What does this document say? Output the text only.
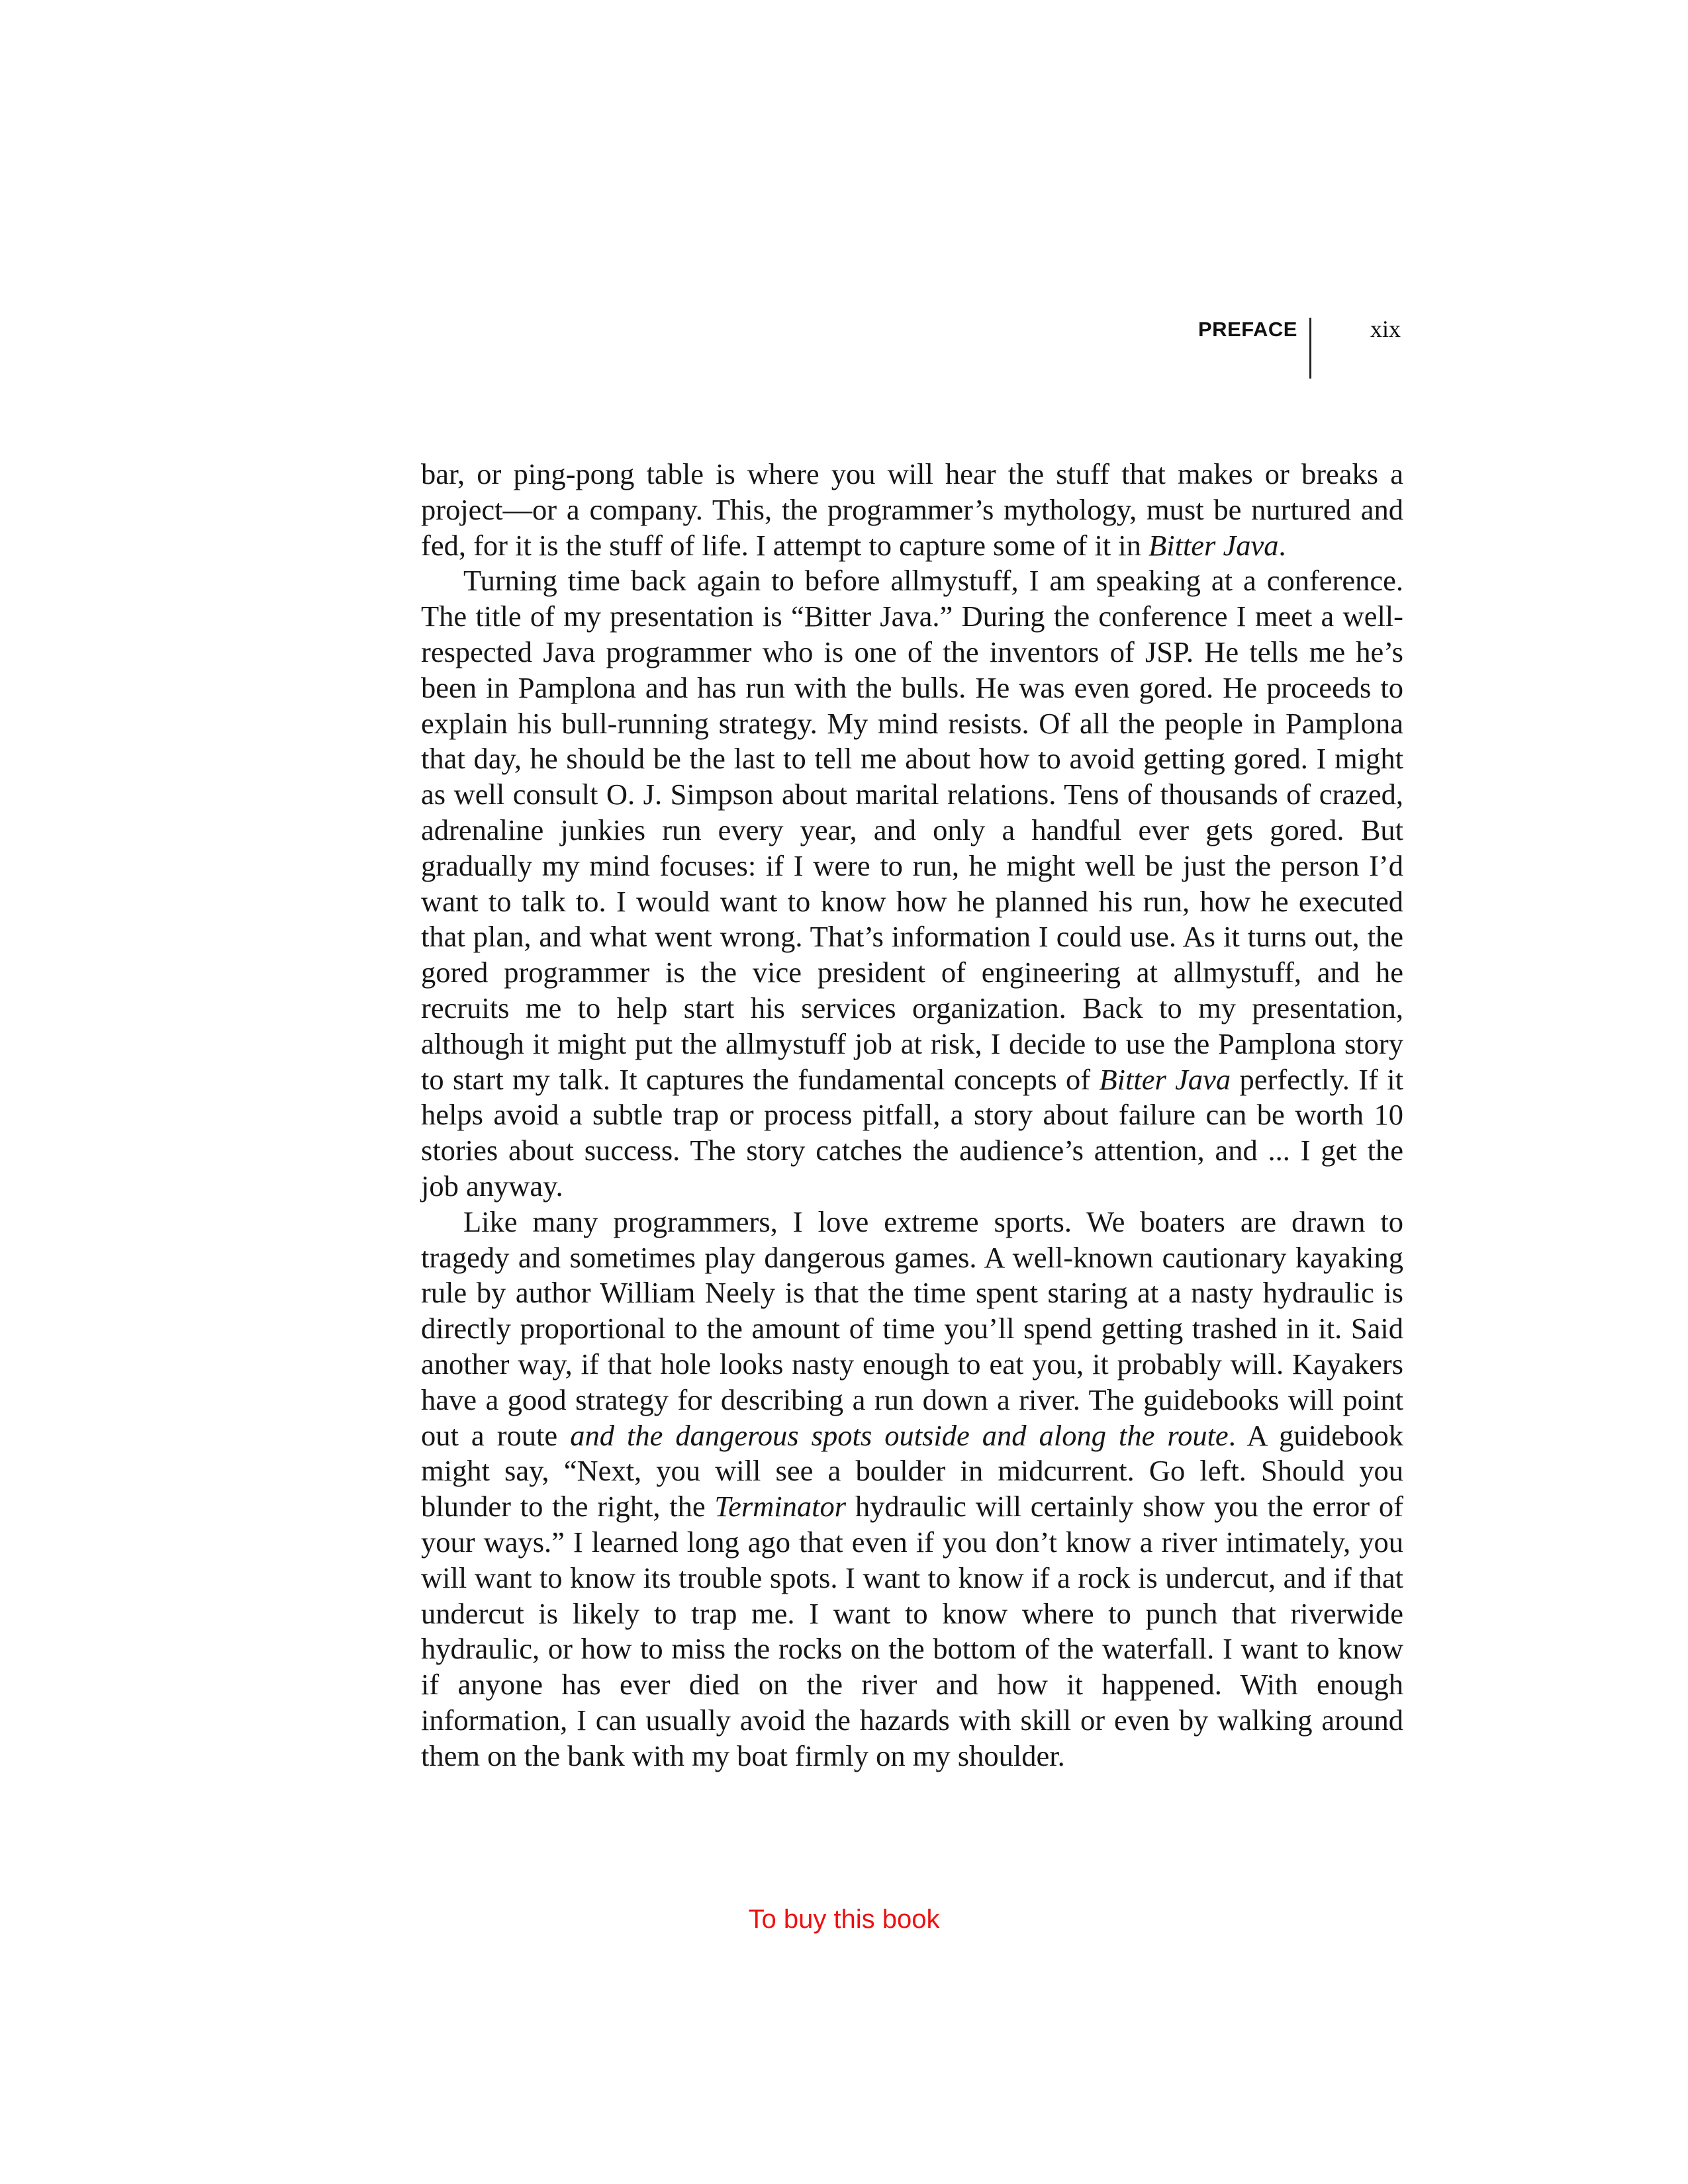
PREFACE	xix

bar, or ping-pong table is where you will hear the stuff that makes or breaks a project—or a company. This, the programmer’s mythology, must be nurtured and fed, for it is the stuff of life. I attempt to capture some of it in Bitter Java.

Turning time back again to before allmystuff, I am speaking at a conference. The title of my presentation is “Bitter Java.” During the conference I meet a well-respected Java programmer who is one of the inventors of JSP. He tells me he’s been in Pamplona and has run with the bulls. He was even gored. He proceeds to explain his bull-running strategy. My mind resists. Of all the people in Pamplona that day, he should be the last to tell me about how to avoid getting gored. I might as well consult O. J. Simpson about marital relations. Tens of thousands of crazed, adrenaline junkies run every year, and only a handful ever gets gored. But gradually my mind focuses: if I were to run, he might well be just the person I’d want to talk to. I would want to know how he planned his run, how he executed that plan, and what went wrong. That’s information I could use. As it turns out, the gored programmer is the vice president of engineering at allmystuff, and he recruits me to help start his services organization. Back to my presentation, although it might put the allmystuff job at risk, I decide to use the Pamplona story to start my talk. It captures the fundamental concepts of Bitter Java perfectly. If it helps avoid a subtle trap or process pitfall, a story about failure can be worth 10 stories about success. The story catches the audience’s attention, and ... I get the job anyway.

Like many programmers, I love extreme sports. We boaters are drawn to tragedy and sometimes play dangerous games. A well-known cautionary kayaking rule by author William Neely is that the time spent staring at a nasty hydraulic is directly proportional to the amount of time you’ll spend getting trashed in it. Said another way, if that hole looks nasty enough to eat you, it probably will. Kayakers have a good strategy for describing a run down a river. The guidebooks will point out a route and the dangerous spots outside and along the route. A guidebook might say, “Next, you will see a boulder in midcurrent. Go left. Should you blunder to the right, the Terminator hydraulic will certainly show you the error of your ways.” I learned long ago that even if you don’t know a river intimately, you will want to know its trouble spots. I want to know if a rock is undercut, and if that undercut is likely to trap me. I want to know where to punch that riverwide hydraulic, or how to miss the rocks on the bottom of the waterfall. I want to know if anyone has ever died on the river and how it happened. With enough information, I can usually avoid the hazards with skill or even by walking around them on the bank with my boat firmly on my shoulder.

To buy this book
